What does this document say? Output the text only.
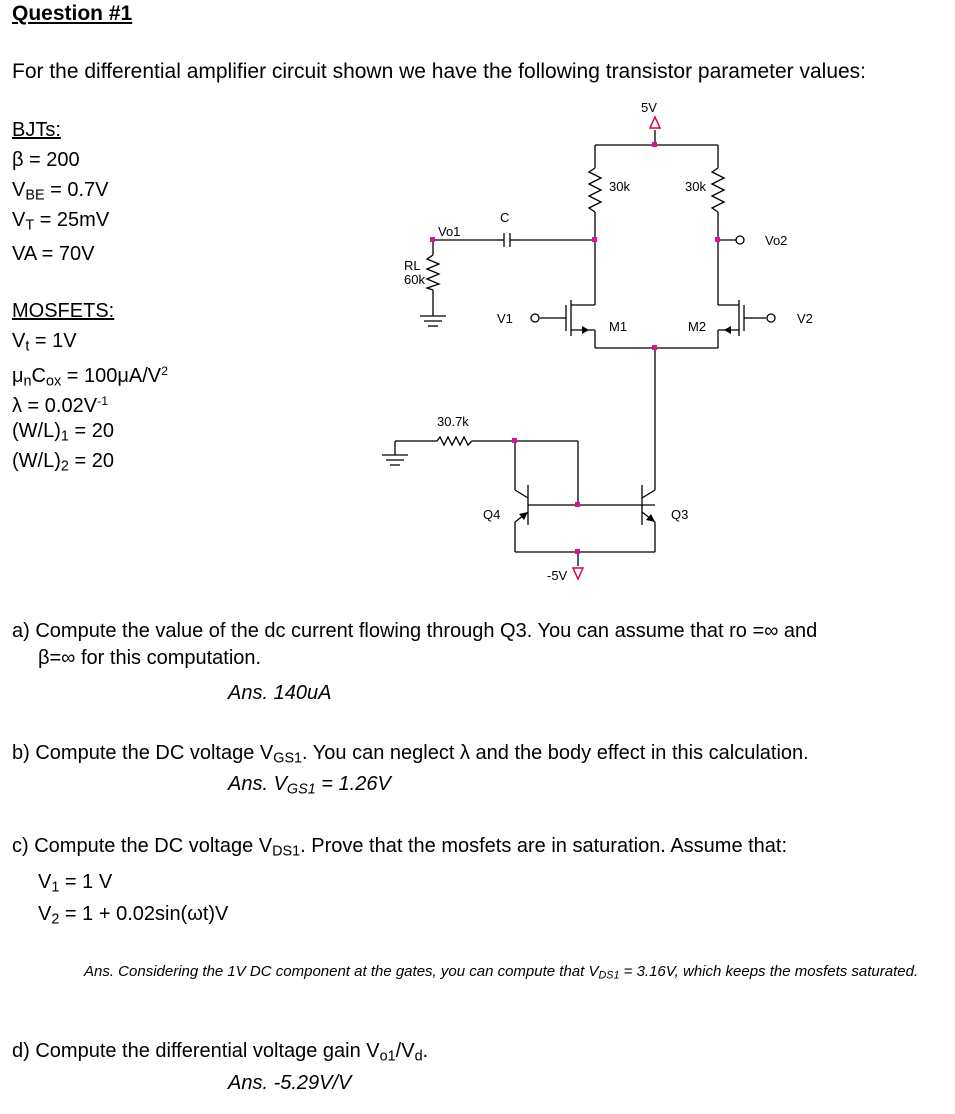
Question #1
For the differential amplifier circuit shown we have the following transistor parameter values:
BJTs:
β = 200
$V_{BE} = 0.7V$
$V_T = 25mV$
VA = 70V
MOSFETS:
$V_t = 1V$
$\mu_nC_{ox} = 100\mu A/V^2$
$\lambda = 0.02V^{-1}$
$(W/L)_1 = 20$
$(W/L)_2 = 20$
5V
30k	30k
C
Vo1
Vo2
RL
60k
V1	V2
M1	M2
30.7k
Q4	Q3
-5V
a) Compute the value of the dc current flowing through Q3. You can assume that ro =∞ and
β=∞ for this computation.
Ans. 140uA
b) Compute the DC voltage $V_{GS1}$. You can neglect λ and the body effect in this calculation.
Ans. $V_{GS1} = 1.26V$
c) Compute the DC voltage $V_{DS1}$. Prove that the mosfets are in saturation. Assume that:
$V_1 = 1$ V
$V_2 = 1 + 0.02\sin(\omega t)V$
Ans. Considering the 1V DC component at the gates, you can compute that $V_{DS1} = 3.16V$, which keeps the mosfets saturated.
d) Compute the differential voltage gain $V_{o1}/V_d$.
Ans. -5.29V/V
